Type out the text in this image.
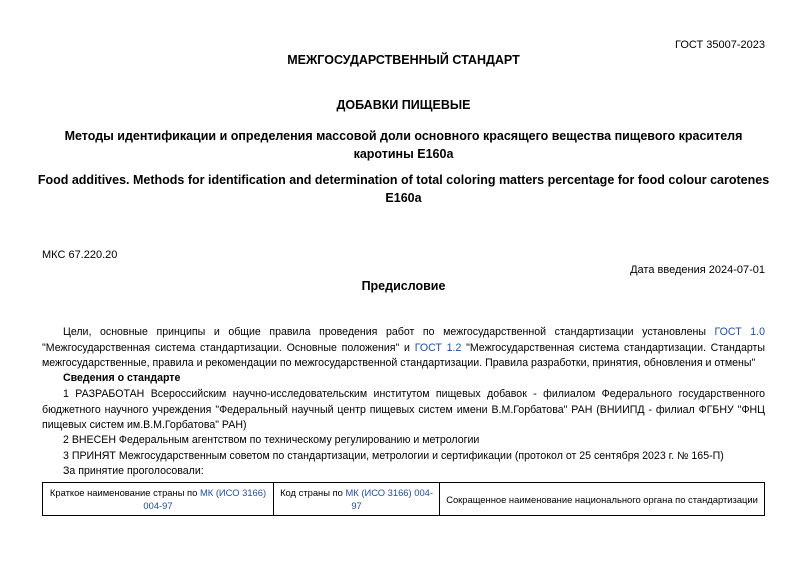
ГОСТ 35007-2023
МЕЖГОСУДАРСТВЕННЫЙ СТАНДАРТ
ДОБАВКИ ПИЩЕВЫЕ
Методы идентификации и определения массовой доли основного красящего вещества пищевого красителя каротины Е160а
Food additives. Methods for identification and determination of total coloring matters percentage for food colour carotenes E160a
МКС 67.220.20
Дата введения 2024-07-01
Предисловие
Цели, основные принципы и общие правила проведения работ по межгосударственной стандартизации установлены ГОСТ 1.0 "Межгосударственная система стандартизации. Основные положения" и ГОСТ 1.2 "Межгосударственная система стандартизации. Стандарты межгосударственные, правила и рекомендации по межгосударственной стандартизации. Правила разработки, принятия, обновления и отмены"
Сведения о стандарте
1 РАЗРАБОТАН Всероссийским научно-исследовательским институтом пищевых добавок - филиалом Федерального государственного бюджетного научного учреждения "Федеральный научный центр пищевых систем имени В.М.Горбатова" РАН (ВНИИПД - филиал ФГБНУ "ФНЦ пищевых систем им.В.М.Горбатова" РАН)
2 ВНЕСЕН Федеральным агентством по техническому регулированию и метрологии
3 ПРИНЯТ Межгосударственным советом по стандартизации, метрологии и сертификации (протокол от 25 сентября 2023 г. № 165-П)
За принятие проголосовали:
Краткое наименование страны по МК (ИСО 3166) 004-97	Код страны по МК (ИСО 3166) 004-97	Сокращенное наименование национального органа по стандартизации
